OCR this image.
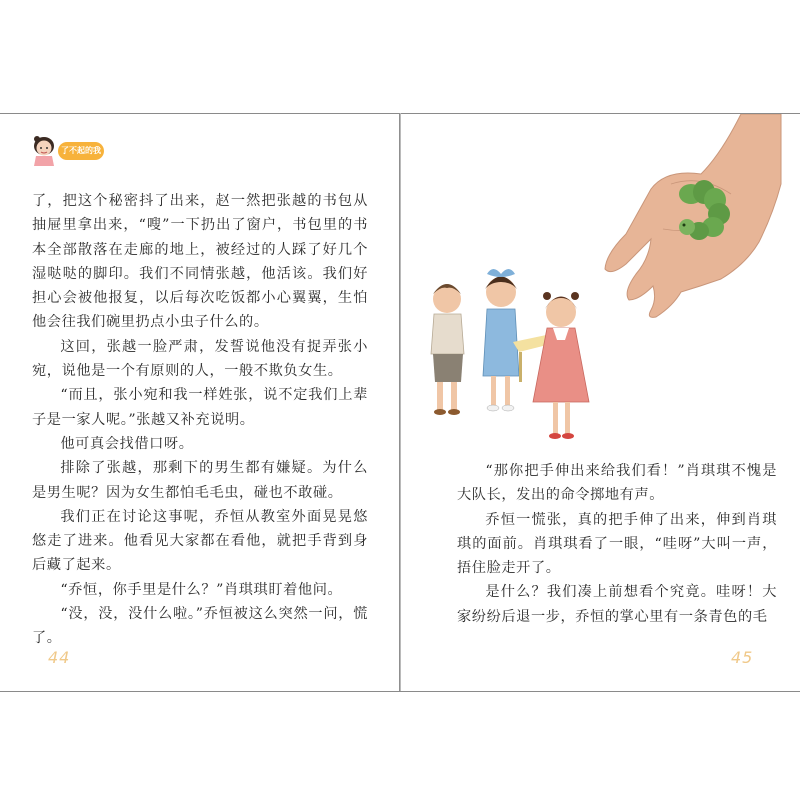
了不起的我

了，把这个秘密抖了出来，赵一然把张越的书包从抽屉里拿出来，“嗖”一下扔出了窗户，书包里的书本全部散落在走廊的地上，被经过的人踩了好几个湿哒哒的脚印。我们不同情张越，他活该。我们好担心会被他报复，以后每次吃饭都小心翼翼，生怕他会往我们碗里扔点小虫子什么的。

这回，张越一脸严肃，发誓说他没有捉弄张小宛，说他是一个有原则的人，一般不欺负女生。

“而且，张小宛和我一样姓张，说不定我们上辈子是一家人呢。”张越又补充说明。

他可真会找借口呀。

排除了张越，那剩下的男生都有嫌疑。为什么是男生呢？因为女生都怕毛毛虫，碰也不敢碰。

我们正在讨论这事呢，乔恒从教室外面晃晃悠悠走了进来。他看见大家都在看他，就把手背到身后藏了起来。

“乔恒，你手里是什么？”肖琪琪盯着他问。

“没，没，没什么啦。”乔恒被这么突然一问，慌了。

44

“那你把手伸出来给我们看！”肖琪琪不愧是大队长，发出的命令掷地有声。

乔恒一慌张，真的把手伸了出来，伸到肖琪琪的面前。肖琪琪看了一眼，“哇呀”大叫一声，捂住脸走开了。

是什么？我们凑上前想看个究竟。哇呀！大家纷纷后退一步，乔恒的掌心里有一条青色的毛

45
